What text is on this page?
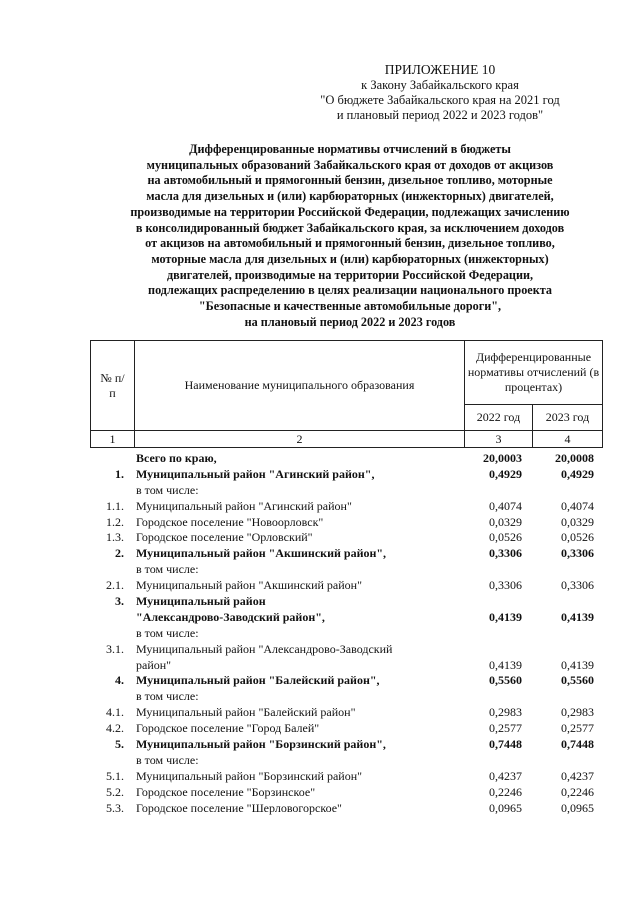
ПРИЛОЖЕНИЕ 10
к Закону Забайкальского края
"О бюджете Забайкальского края на 2021 год
и плановый период 2022 и 2023 годов"
Дифференцированные нормативы отчислений в бюджеты
муниципальных образований Забайкальского края от доходов от акцизов
на автомобильный и прямогонный бензин, дизельное топливо, моторные
масла для дизельных и (или) карбюраторных (инжекторных) двигателей,
производимые на территории Российской Федерации, подлежащих зачислению
в консолидированный бюджет Забайкальского края, за исключением доходов
от акцизов на автомобильный и прямогонный бензин, дизельное топливо,
моторные масла для дизельных и (или) карбюраторных (инжекторных)
двигателей, производимые на территории Российской Федерации,
подлежащих распределению в целях реализации национального проекта
"Безопасные и качественные автомобильные дороги",
на плановый период 2022 и 2023 годов
№ п/п	Наименование муниципального образования	Дифференцированные нормативы отчислений (в процентах)	

		2022 год	2023 год
1	2	3	4
Всего по краю,	20,0003	20,0008
1. Муниципальный район "Агинский район",	0,4929	0,4929
в том числе:
1.1. Муниципальный район "Агинский район"	0,4074	0,4074
1.2. Городское поселение "Новоорловск"	0,0329	0,0329
1.3. Городское поселение "Орловский"	0,0526	0,0526
2. Муниципальный район "Акшинский район",	0,3306	0,3306
в том числе:
2.1. Муниципальный район "Акшинский район"	0,3306	0,3306
3. Муниципальный район
"Александрово-Заводский район",	0,4139	0,4139
в том числе:
3.1. Муниципальный район "Александрово-Заводский
район"	0,4139	0,4139
4. Муниципальный район "Балейский район",	0,5560	0,5560
в том числе:
4.1. Муниципальный район "Балейский район"	0,2983	0,2983
4.2. Городское поселение "Город Балей"	0,2577	0,2577
5. Муниципальный район "Борзинский район",	0,7448	0,7448
в том числе:
5.1. Муниципальный район "Борзинский район"	0,4237	0,4237
5.2. Городское поселение "Борзинское"	0,2246	0,2246
5.3. Городское поселение "Шерловогорское"	0,0965	0,0965
